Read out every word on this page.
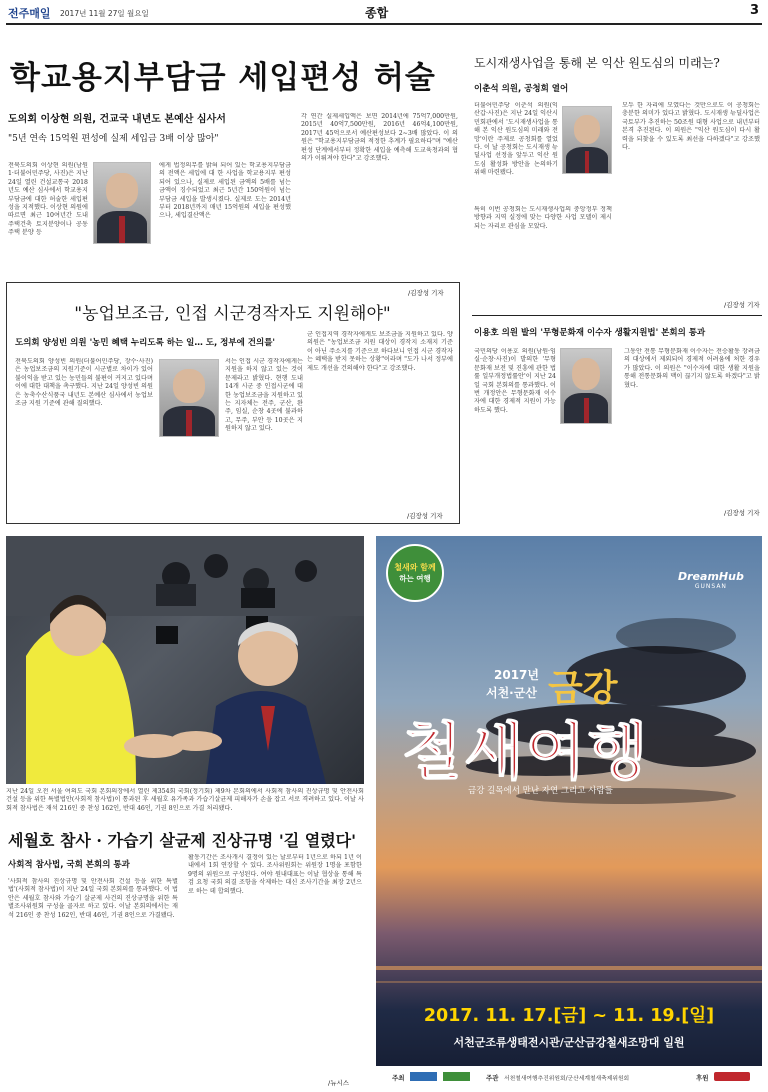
전주매일 2017년 11월 27일 월요일	종합	3
학교용지부담금 세입편성 허술
도의회 이상현 의원, 건교국 내년도 본예산 심사서
"5년 연속 15억원 편성에 실제 세입금 3배 이상 많아"
전북도의회 이상현 의원(남원1·더불어민주당, 사진)은 지난 24일 열린 건설교통국 2018년도 예산 심사에서 학교용지부담금에 대한 허술한 세입편성을 지적했다. 이상현 의원에 따르면 최근 10여년간 도내 주택건축 토지분양이나 공동주택 분양 등
에게 법정의무를 밝혀 되어 있는 학교용지부담금의 전액은 세입에 대 한 사업을 학교용지부 편성되어 있으나, 실제로 세입된 금액의 5배를 넘는 금액이 징수되었고 최근 5년간 150억원이 넘는 부담금 세입을 발생시켰다. 실제로 도는 2014년부터 2018년까지 매년 15억원의 세입을 편성했으나, 세입결산액은
각 연간 실제세입액은 보면 2014년에 75억7,000만원, 2015년 40억7,500만원, 2016년 46억4,100만원, 2017년 45억으로서 예산편성보다 2~3배 많았다. 이 의원은 "학교용지부담금의 적정한 추계가 필요하다"며 "예산편성 단계에서부터 정확한 세입을 예측해 도교육청과의 협의가 이뤄져야 한다"고 강조했다.
/김장성 기자
도시재생사업을 통해 본 익산 원도심의 미래는?
이춘석 의원, 공청회 열어
더불어민주당 이춘석 의원(익산갑·사진)은 지난 24일 익산시민회관에서 '도시재생사업을 통해 본 익산 원도심의 미래와 전망'이란 주제로 공청회를 열었다. 이 날 공청회는 도시재생 뉴딜사업 선정을 앞두고 익산 원도심 활성화 방안을 논의하기 위해 마련됐다.
특히 이번 공청회는 도시재생사업의 중앙정부 정책방향과 지역 실정에 맞는 다양한 사업 모델이 제시되는 자리로 관심을 모았다.
모두 한 자리에 모였다는 것만으로도 이 공청회는 충분한 의미가 있다고 밝혔다. 도시재생 뉴딜사업은 국토부가 추진하는 50조원 대형 사업으로 내년부터 본격 추진된다. 이 의원은 "익산 원도심이 다시 활력을 되찾을 수 있도록 최선을 다하겠다"고 강조했다.
/김장성 기자
"농업보조금, 인접 시군경작자도 지원해야"
도의회 양성빈 의원 '농민 혜택 누리도록 하는 일… 도, 정부에 건의를'
전북도의회 양성빈 의원(더불어민주당, 장수·사진)은 농업보조금의 지원기준이 시군별로 차이가 있어 불이익을 받고 있는 농민들의 불편이 커지고 있다며 이에 대한 대책을 촉구했다. 지난 24일 양성빈 의원은 농축수산식품국 내년도 본예산 심사에서 농업보조금 지원 기준에 관해 질의했다.
서는 인접 시군 경작자에게는 지원을 하지 않고 있는 것이 문제라고 밝혔다. 현행 도내 14개 시군 중 인접시군에 대한 농업보조금을 지원하고 있는 지자체는 전주, 군산, 완주, 임실, 순창 4곳에 불과하고, 무주, 부안 등 10곳은 지원하지 않고 있다.
군 인접지역 경작자에게도 보조금을 지원하고 있다. 양 의원은 "농업보조금 지원 대상이 경작지 소재지 기준이 아닌 주소지를 기준으로 하다보니 인접 시군 경작자는 혜택을 받지 못하는 상황"이라며 "도가 나서 정부에 제도 개선을 건의해야 한다"고 강조했다.
/김장성 기자
이용호 의원 발의 '무형문화재 이수자 생활지원법' 본회의 통과
국민의당 이용호 의원(남원·임실·순창·사진)이 발의한 '무형문화재 보전 및 진흥에 관한 법률 일부개정법률안'이 지난 24일 국회 본회의를 통과했다. 이번 개정안은 무형문화재 이수자에 대한 경제적 지원이 가능하도록 했다.
그동안 전통 무형문화재 이수자는 전승활동 장려금의 대상에서 제외되어 경제적 어려움에 처한 경우가 많았다. 이 의원은 "이수자에 대한 생활 지원을 통해 전통문화의 맥이 끊기지 않도록 하겠다"고 밝혔다.
/김장성 기자
지난 24일 오전 서울 여의도 국회 본회의장에서 열린 제354회 국회(정기회) 제9차 본회의에서 사회적 참사의 진상규명 및 안전사회 건설 등을 위한 특별법안(사회적 참사법)이 통과된 후 세월호 유가족과 가습기살균제 피해자가 손을 잡고 서로 격려하고 있다. 이날 사회적 참사법은 재석 216인 중 찬성 162인, 반대 46인, 기권 8인으로 가결 처리됐다.
세월호 참사 · 가습기 살균제 진상규명 '길 열렸다'
사회적 참사법, 국회 본회의 통과
'사회적 참사의 진상규명 및 안전사회 건설 등을 위한 특별법'(사회적 참사법)이 지난 24일 국회 본회의를 통과했다. 이 법안은 세월호 참사와 가습기 살균제 사건의 진상규명을 위한 특별조사위원회 구성을 골자로 하고 있다. 이날 본회의에서는 재석 216인 중 찬성 162인, 반대 46인, 기권 8인으로 가결됐다.
활동기간은 조사개시 결정이 있는 날로부터 1년으로 하되 1년 이내에서 1회 연장할 수 있다. 조사위원회는 위원장 1명을 포함한 9명의 위원으로 구성된다. 여야 원내대표는 이날 협상을 통해 특검 요청 국회 의결 조항을 삭제하는 대신 조사기간을 최장 2년으로 하는 데 합의했다.
/뉴시스
철새와 함께
하는 여행	DreamHub
GUNSAN
2017년
서천·군산 금강
철새여행
금강 길목에서 만난 자연 그리고 사람들
2017. 11. 17.[금] ~ 11. 19.[일]
서천군조류생태전시관/군산금강철새조망대 일원
주최	주관 서천철새여행추진위원회/군산세계철새축제위원회	후원
